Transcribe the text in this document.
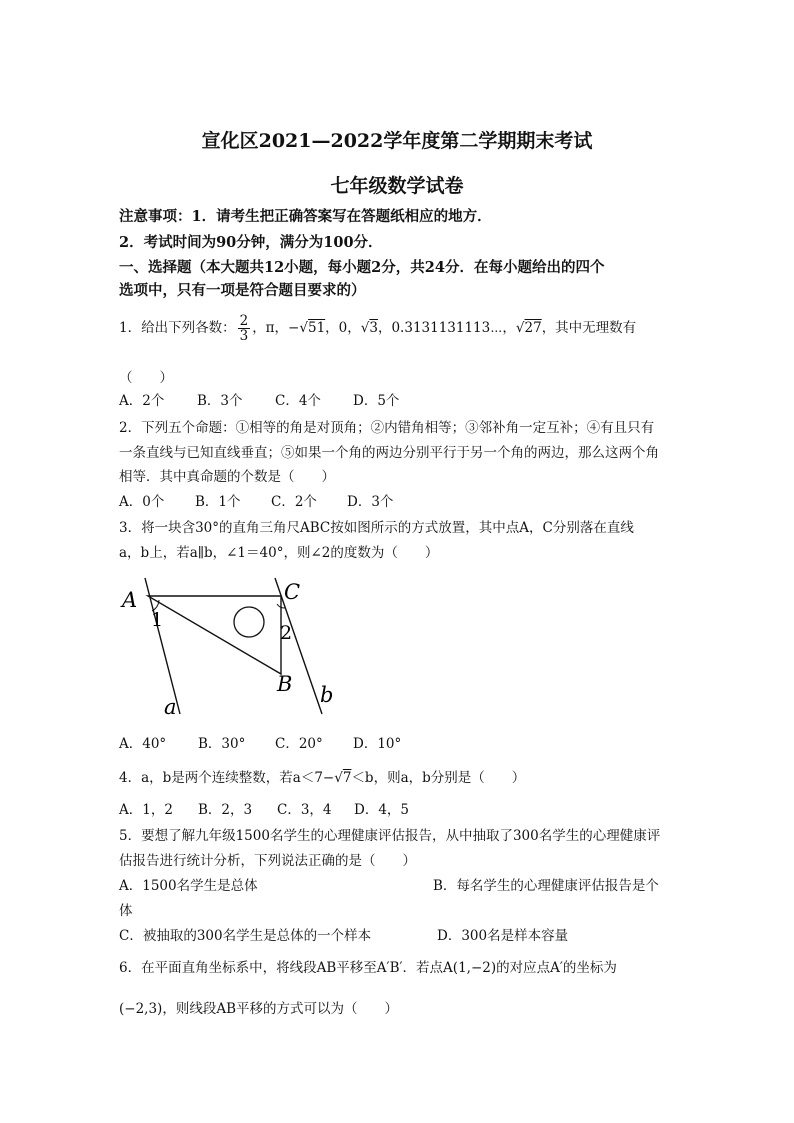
宣化区2021—2022学年度第二学期期末考试
七年级数学试卷
注意事项：1．请考生把正确答案写在答题纸相应的地方．
2．考试时间为90分钟，满分为100分．
一、选择题（本大题共12小题，每小题2分，共24分．在每小题给出的四个
选项中，只有一项是符合题目要求的）
1．给出下列各数： $\frac{2}{3}$ ，π，−√51，0，√3，0.3131131113⋯，√27，其中无理数有
（　　）
A．2个 B．3个 C．4个 D．5个
2．下列五个命题：①相等的角是对顶角；②内错角相等；③邻补角一定互补；④有且只有
一条直线与已知直线垂直；⑤如果一个角的两边分别平行于另一个角的两边，那么这两个角
相等．其中真命题的个数是（　　）
A．0个 B．1个 C．2个 D．3个
3．将一块含30°的直角三角尺ABC按如图所示的方式放置，其中点A，C分别落在直线
a，b上，若a∥b，∠1＝40°，则∠2的度数为（　　）
A	C
B
a	b
1
2
A．40° B．30° C．20° D．10°
4．a，b是两个连续整数，若a＜7−√7＜b，则a，b分别是（　　）
A．1，2 B．2，3 C．3，4 D．4，5
5．要想了解九年级1500名学生的心理健康评估报告，从中抽取了300名学生的心理健康评
估报告进行统计分析，下列说法正确的是（　　）
A．1500名学生是总体	B．每名学生的心理健康评估报告是个
体
C．被抽取的300名学生是总体的一个样本	D．300名是样本容量
6．在平面直角坐标系中，将线段AB平移至A′B′．若点A(1,−2)的对应点A′的坐标为
(−2,3)，则线段AB平移的方式可以为（　　）
